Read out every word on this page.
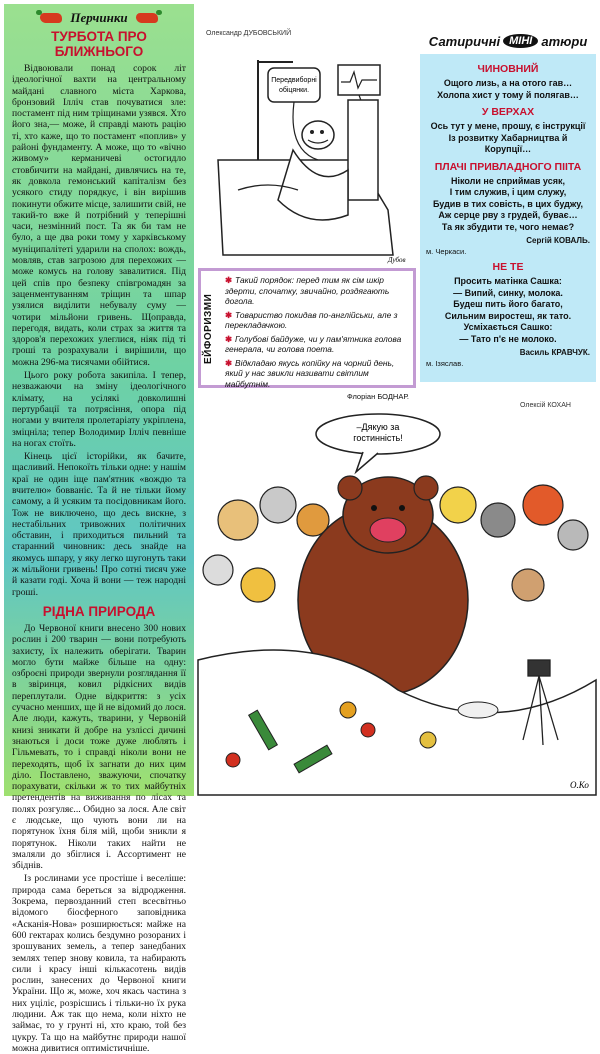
Перчинки
ТУРБОТА ПРО БЛИЖНЬОГО

Відвоювали понад сорок літ ідеологічної вахти на центральному майдані славного міста Харкова, бронзовий Ілліч став почуватися зле: постамент під ним тріщинами узявся. Хто його зна,— може, й справді мають рацію ті, хто каже, що то постамент «поплив» у районі фундаменту. А може, що то «вічно живому» керманичеві остогидло стовбичити на майдані, дивлячись на те, як довкола гемонський капіталізм без усякого стиду порядкує, і він вирішив покинути обжите місце, залишити свій, не такий-то вже й потрібний у теперішні часи, незмінний пост. Та як би там не було, а ще два роки тому у харківському муніципалітеті ударили на сполох: вождь, мовляв, став загрозою для перехожих — може комусь на голову завалитися. Під цей спів про безпеку співгромадян за заценментуванням тріщин та шпар узялися виділити небувалу суму — чотири мільйони гривень. Щоправда, перегодя, видать, коли страх за життя та здоров'я перехожих улеглися, ніяк під ті гроші та розрахували і вирішили, що можна 296-ма тисячами обійтися.

Цього року робота закипіла. І тепер, незважаючи на зміну ідеологічного клімату, на усілякі довколишні пертурбації та потрясіння, опора під ногами у вчителя пролетаріату укріплена, зміцніла; тепер Володимир Ілліч певніше на ногах стоїть.

Кінець цієї історійки, як бачите, щасливий. Непокоїть тільки одне: у нашім краї не один іще пам'ятник «вождю та вчителю» бовваніє. Та й не тільки йому самому, а й усяким та посідовникам його. Тож не виключено, що десь вискне, з нестабільних тривожних політичних обставин, і приходиться пильний та старанний чиновник: десь знайде на якомусь шпару, у яку легко шугонуть таки ж мільйони гривень! Про сотні тисяч уже й казати годі. Хоча й вони — теж народні гроші.

РІДНА ПРИРОДА

До Червоної книги внесено 300 нових рослин і 200 тварин — вони потребують захисту, їх належить оберігати. Тварин могло бути майже більше на одну: озброєні природи звернули розглядання її в звіринця, ковил рідкісних видів переплутали. Одне відкриття: з усіх сучасно менших, ще й не відомий до лося. Але люди, кажуть, тварини, у Червоній книзі зникати й добре на узліссі дичині знаються і доси тоже дуже люблять і Гільмевать, то і справді ніколи вони не переходять, щоб їх загнати до них цим діло. Поставлено, зважуючи, спочатку порахувати, скільки ж то тих майбутніх претендентів на виживання по лісах та полях розгуляє... Обидно за лося. Але світ є людське, що чують вони ли на порятунок їхня біля мій, щоби зникли я порятунок. Ніколи таких найти не змаляли до збіглися і. Ассортимент не збіднів.

Із рослинами усе простіше і веселіше: природа сама береться за відродження. Зокрема, первозданний степ всесвітньо відомого біосферного заповідника «Асканія-Нова» розширюється: майже на 600 гектарах колись бездумно розораних і зрошуваних земель, а тепер занедбаних землях тепер знову ковила, та набирають сили і красу інші кількасотень видів рослин, занесених до Червоної книги України. Що ж, може, хоч якась частина з них уціліє, розрісшись і тільки-но їх рука людини. Аж так що нема, коли ніхто не займає, то у грунті ні, хто краю, той без цукру. Та що на майбутнє природи нашої можна дивитися оптимістичніше.

Олександр ДУБОВСЬКИЙ
Передвиборні
обіцянки.
Дубов
Сатиричні МІНІ атюри
ЧИНОВНИЙ

Ощого лизь, а на отого гав…

Холопа хист у тому й полягав…

У ВЕРХАХ

Ось тут у мене, прошу, є інструкції

Із розвитку Хабарництва й Корупції…

ПЛАЧІ ПРИВЛАДНОГО ПІІТА

Ніколи не сприймав усяк,

І тим служив, і цим служу,

Будив в тих совість, в цих буджу,

Аж серце рву з грудей, буває…

Та як збудити те, чого немає?

Сергій КОВАЛЬ.
м. Черкаси.
НЕ ТЕ

Просить матінка Сашка:

— Випий, синку, молока.

Будеш пить його багато,

Сильним виростеш, як тато.

Усміхається Сашко:

— Тато п'є не молоко.

Василь КРАВЧУК.
м. Ізяслав.
ЕЙФОРИЗМИ

✱ Такий порядок: перед тим як сім шкір здерти, спочатку, звичайно, роздягають догола.

✱ Товариство покидав по-англійськи, але з перекладачкою.

✱ Голубові байдуже, чи у пам'ятника голова генерала, чи голова поета.

✱ Відкладаю якусь копійку на чорний день, який у нас звикли називати світлим майбутнім.

Флоріан БОДНАР.
Олексій КОХАН
–Дякую за гостинність!
О.Ко
